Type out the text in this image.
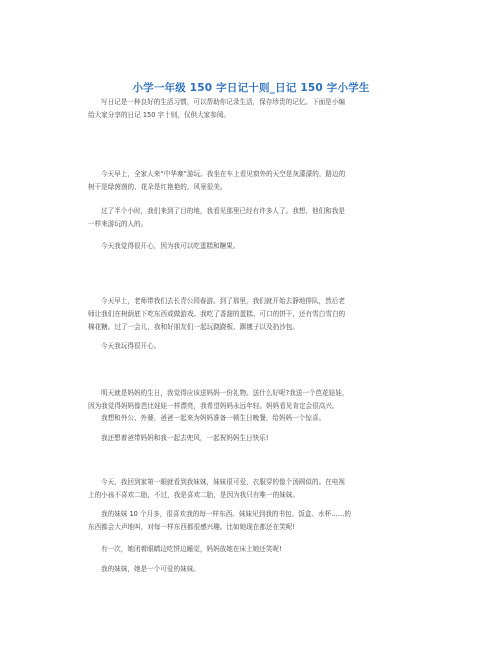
小学一年级 150 字日记十则_日记 150 字小学生
写日记是一种良好的生活习惯，可以帮助你记录生活，保存珍贵的记忆。下面是小编
给大家分享的日记 150 字十则，仅供大家参阅。
今天早上，全家人来“中华寨”游玩。我坐在车上看见窗外的天空是灰濛濛的，路边的
树干是绿茵茵的、花朵是红艳艳的，风景很美。
过了半个小时，我们来到了目的地，我看见那里已经有许多人了。我想，他们和我是
一样来游玩的人的。
今天我觉得很开心，因为我可以吃蛋糕和糖果。
今天早上，老师带我们去长青公园春游。到了那里，我们就开始去静地排队，然后老
师让我们在树荫底下吃东西或做游戏。我吃了香甜的蛋糕、可口的饼干，还有雪白雪白的
棉花糖。过了一会儿，我和好朋友们一起玩跷跷板、踢毽子以及扔沙包。
今天我玩得很开心。
明天就是妈妈的生日，我觉得应该送妈妈一份礼物。送什么好呢?我送一个芭花娃娃，
因为我觉得妈妈像芭比娃娃一样漂亮，我希望妈妈永远年轻。妈妈看见肯定会很高兴。
我想和外公、外婆，爸爸一起来为妈妈准备一顿生日晚餐，给妈妈一个惊喜。
我还想着爸带妈妈和我一起去兜风，一起祝妈妈生日快乐!
今天，我回到家第一眼就看到我妹妹，妹妹很可爱，衣服穿的像个汤圆似的。在电视
上的小孩不喜欢二胎，不过，我是喜欢二胎，是因为我只有唯一的妹妹。
我的妹妹 10 个月多，很喜欢我的每一样东西。妹妹见到我的书包、饭盒、水杯……的
东西都会大声地叫，对每一样东西都很感兴趣。比如她现在都还在笑呢!
有一次，她闭着眼睛边吃饼边睡觉，妈妈放她在床上她还笑呢!
我的妹妹，她是一个可爱的妹妹。
